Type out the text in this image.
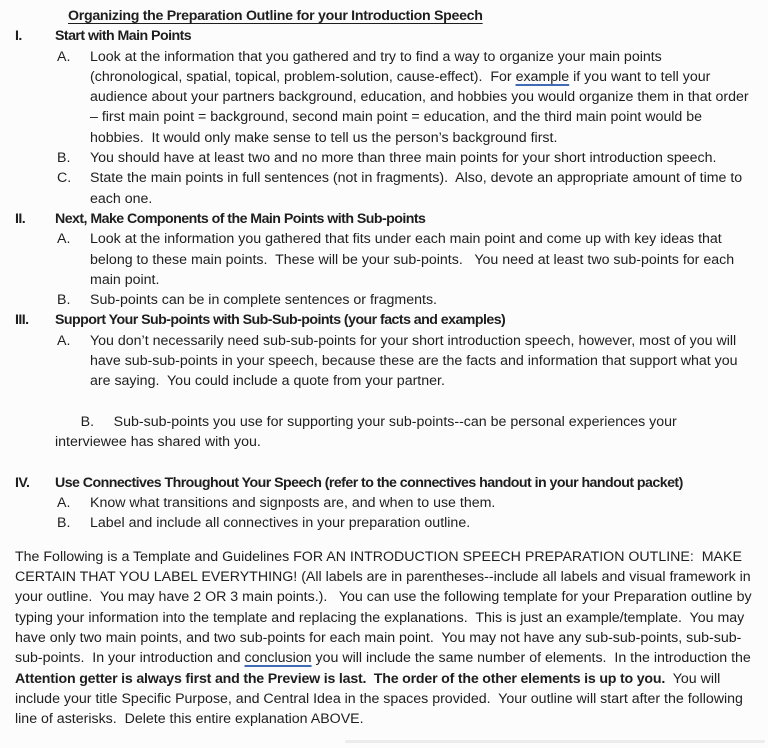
Organizing the Preparation Outline for your Introduction Speech
I.	Start with Main Points
A.	Look at the information that you gathered and try to find a way to organize your main points (chronological, spatial, topical, problem-solution, cause-effect).  For example if you want to tell your audience about your partners background, education, and hobbies you would organize them in that order – first main point = background, second main point = education, and the third main point would be hobbies.  It would only make sense to tell us the person’s background first.
B.	You should have at least two and no more than three main points for your short introduction speech.
C.	State the main points in full sentences (not in fragments).  Also, devote an appropriate amount of time to each one.
II.	Next, Make Components of the Main Points with Sub-points
A.	Look at the information you gathered that fits under each main point and come up with key ideas that belong to these main points.  These will be your sub-points.   You need at least two sub-points for each main point.
B.	Sub-points can be in complete sentences or fragments.
III.	Support Your Sub-points with Sub-Sub-points (your facts and examples)
A.	You don’t necessarily need sub-sub-points for your short introduction speech, however, most of you will have sub-sub-points in your speech, because these are the facts and information that support what you are saying.  You could include a quote from your partner.

B. Sub-sub-points you use for supporting your sub-points--can be personal experiences your interviewee has shared with you.

IV.	Use Connectives Throughout Your Speech (refer to the connectives handout in your handout packet)
A.	Know what transitions and signposts are, and when to use them.
B.	Label and include all connectives in your preparation outline.
The Following is a Template and Guidelines FOR AN INTRODUCTION SPEECH PREPARATION OUTLINE:  MAKE CERTAIN THAT YOU LABEL EVERYTHING! (All labels are in parentheses--include all labels and visual framework in your outline.  You may have 2 OR 3 main points.).   You can use the following template for your Preparation outline by typing your information into the template and replacing the explanations.  This is just an example/template.  You may have only two main points, and two sub-points for each main point.  You may not have any sub-sub-points, sub-sub-sub-points.  In your introduction and conclusion you will include the same number of elements.  In the introduction the Attention getter is always first and the Preview is last.  The order of the other elements is up to you.  You will include your title Specific Purpose, and Central Idea in the spaces provided.  Your outline will start after the following line of asterisks.  Delete this entire explanation ABOVE.
